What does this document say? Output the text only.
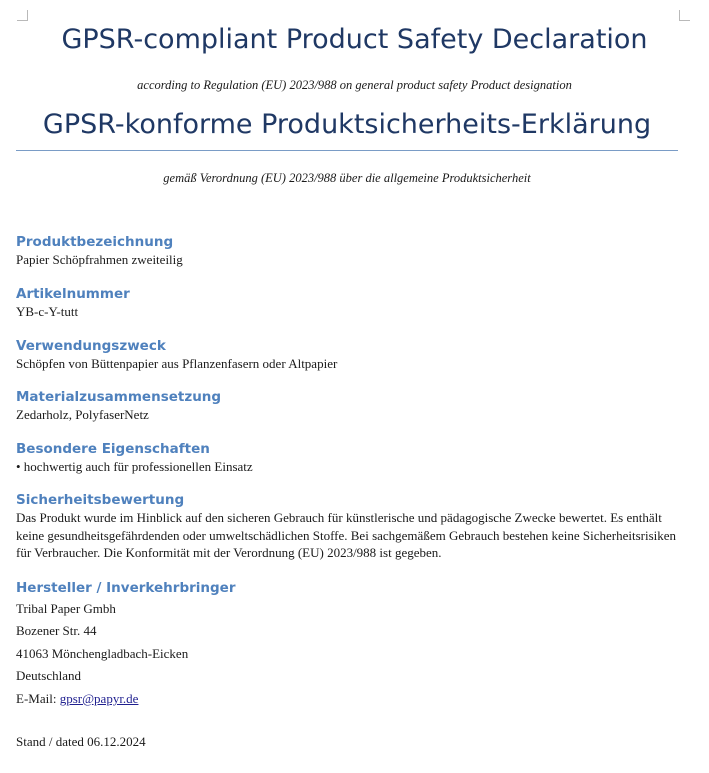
GPSR-compliant Product Safety Declaration
according to Regulation (EU) 2023/988 on general product safety Product designation
GPSR-konforme Produktsicherheits-Erklärung
gemäß Verordnung (EU) 2023/988 über die allgemeine Produktsicherheit
Produktbezeichnung
Papier Schöpfrahmen zweiteilig
Artikelnummer
YB-c-Y-tutt
Verwendungszweck
Schöpfen von Büttenpapier aus Pflanzenfasern oder Altpapier
Materialzusammensetzung
Zedarholz, PolyfaserNetz
Besondere Eigenschaften
• hochwertig auch für professionellen Einsatz
Sicherheitsbewertung
Das Produkt wurde im Hinblick auf den sicheren Gebrauch für künstlerische und pädagogische Zwecke bewertet. Es enthält keine gesundheitsgefährdenden oder umweltschädlichen Stoffe. Bei sachgemäßem Gebrauch bestehen keine Sicherheitsrisiken für Verbraucher. Die Konformität mit der Verordnung (EU) 2023/988 ist gegeben.
Hersteller / Inverkehrbringer
Tribal Paper Gmbh
Bozener Str. 44
41063 Mönchengladbach-Eicken
Deutschland
E-Mail: gpsr@papyr.de
Stand / dated 06.12.2024
